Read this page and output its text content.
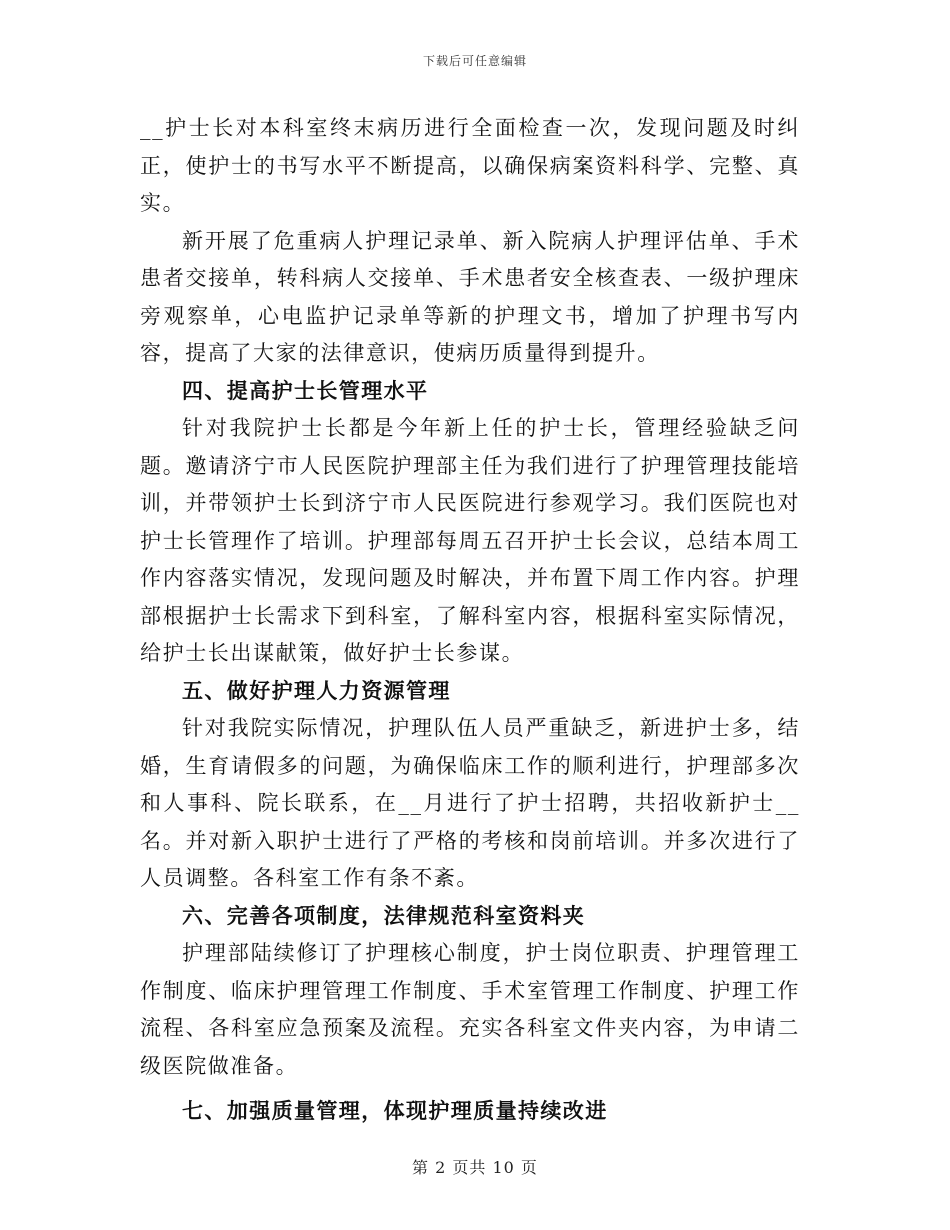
下载后可任意编辑

__护士长对本科室终末病历进行全面检查一次，发现问题及时纠正，使护士的书写水平不断提高，以确保病案资料科学、完整、真实。

新开展了危重病人护理记录单、新入院病人护理评估单、手术患者交接单，转科病人交接单、手术患者安全核查表、一级护理床旁观察单，心电监护记录单等新的护理文书，增加了护理书写内容，提高了大家的法律意识，使病历质量得到提升。

四、提高护士长管理水平

针对我院护士长都是今年新上任的护士长，管理经验缺乏问题。邀请济宁市人民医院护理部主任为我们进行了护理管理技能培训，并带领护士长到济宁市人民医院进行参观学习。我们医院也对护士长管理作了培训。护理部每周五召开护士长会议，总结本周工作内容落实情况，发现问题及时解决，并布置下周工作内容。护理部根据护士长需求下到科室，了解科室内容，根据科室实际情况，给护士长出谋献策，做好护士长参谋。

五、做好护理人力资源管理

针对我院实际情况，护理队伍人员严重缺乏，新进护士多，结婚，生育请假多的问题，为确保临床工作的顺利进行，护理部多次和人事科、院长联系，在__月进行了护士招聘，共招收新护士__名。并对新入职护士进行了严格的考核和岗前培训。并多次进行了人员调整。各科室工作有条不紊。

六、完善各项制度，法律规范科室资料夹

护理部陆续修订了护理核心制度，护士岗位职责、护理管理工作制度、临床护理管理工作制度、手术室管理工作制度、护理工作流程、各科室应急预案及流程。充实各科室文件夹内容，为申请二级医院做准备。

七、加强质量管理，体现护理质量持续改进

第 2 页共 10 页
